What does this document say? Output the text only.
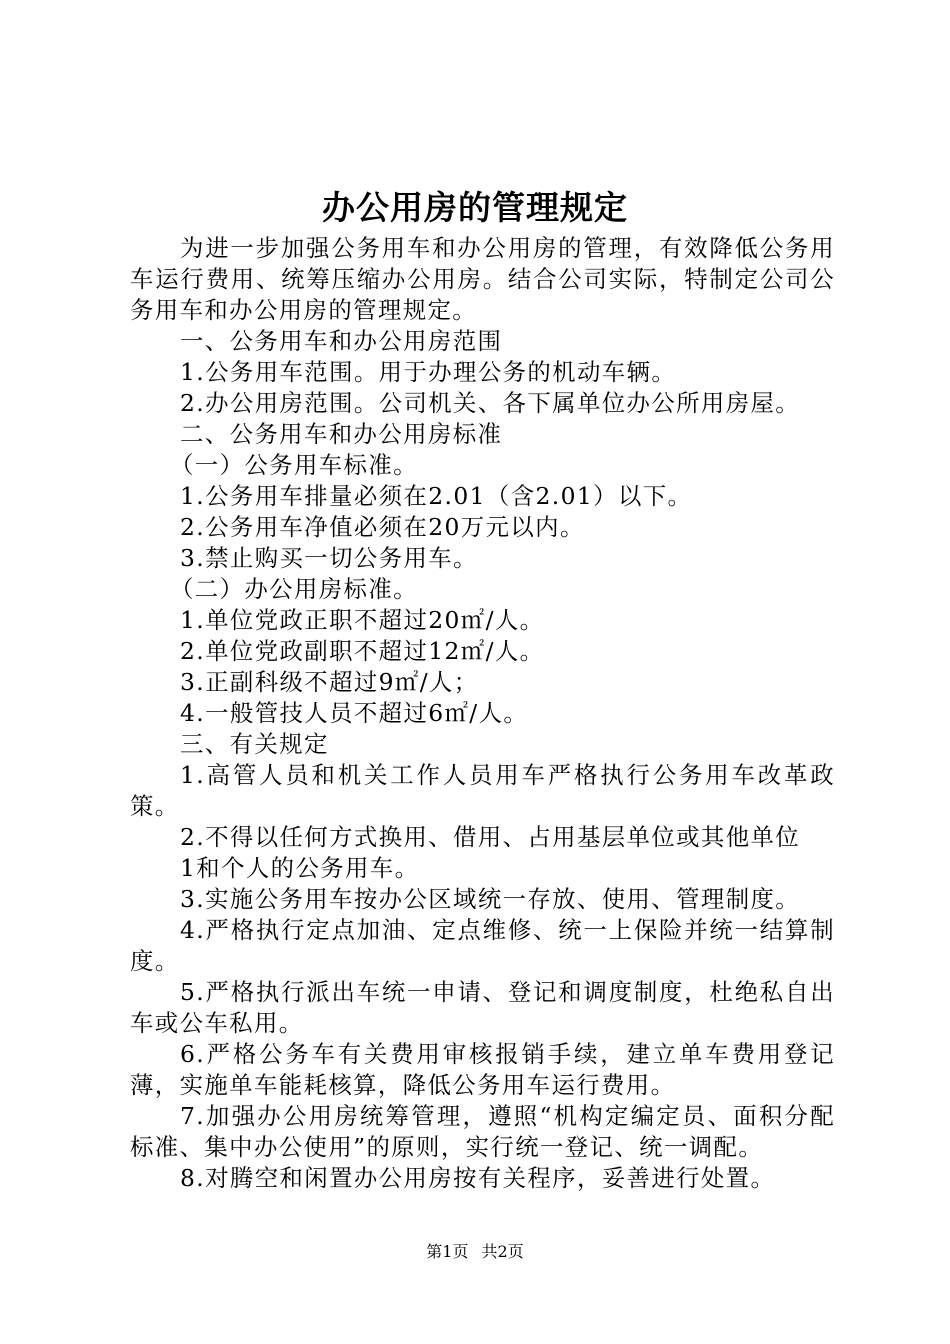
办公用房的管理规定

为进一步加强公务用车和办公用房的管理，有效降低公务用车运行费用、统筹压缩办公用房。结合公司实际，特制定公司公务用车和办公用房的管理规定。

一、公务用车和办公用房范围

1.公务用车范围。用于办理公务的机动车辆。

2.办公用房范围。公司机关、各下属单位办公所用房屋。

二、公务用车和办公用房标准

（一）公务用车标准。

1.公务用车排量必须在2.01（含2.01）以下。

2.公务用车净值必须在20万元以内。

3.禁止购买一切公务用车。

（二）办公用房标准。

1.单位党政正职不超过20㎡/人。

2.单位党政副职不超过12㎡/人。

3.正副科级不超过9㎡/人；

4.一般管技人员不超过6㎡/人。

三、有关规定

1.高管人员和机关工作人员用车严格执行公务用车改革政策。

2.不得以任何方式换用、借用、占用基层单位或其他单位

1和个人的公务用车。

3.实施公务用车按办公区域统一存放、使用、管理制度。

4.严格执行定点加油、定点维修、统一上保险并统一结算制度。

5.严格执行派出车统一申请、登记和调度制度，杜绝私自出车或公车私用。

6.严格公务车有关费用审核报销手续，建立单车费用登记薄，实施单车能耗核算，降低公务用车运行费用。

7.加强办公用房统筹管理，遵照“机构定编定员、面积分配标准、集中办公使用”的原则，实行统一登记、统一调配。

8.对腾空和闲置办公用房按有关程序，妥善进行处置。

第1页 共2页
